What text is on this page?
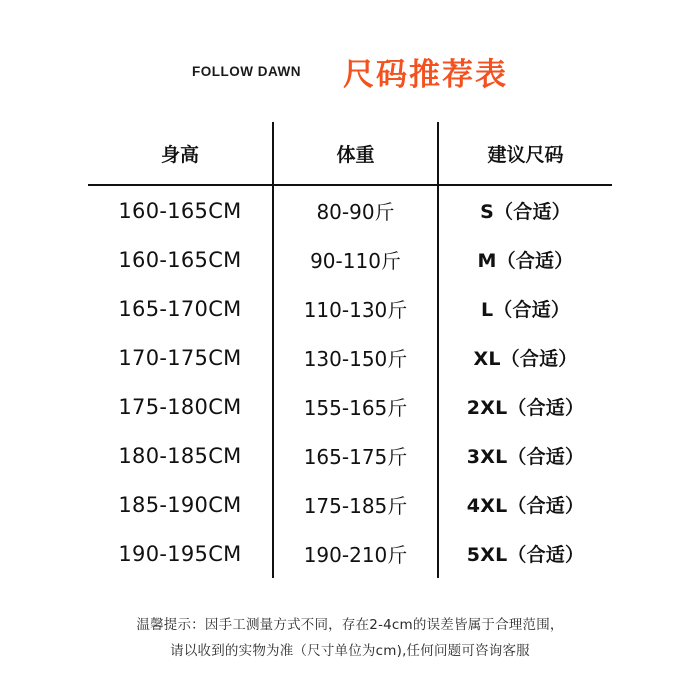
FOLLOW DAWN 尺码推荐表
身高	体重	建议尺码
160-165CM	80-90斤	S（合适）
160-165CM	90-110斤	M（合适）
165-170CM	110-130斤	L（合适）
170-175CM	130-150斤	XL（合适）
175-180CM	155-165斤	2XL（合适）
180-185CM	165-175斤	3XL（合适）
185-190CM	175-185斤	4XL（合适）
190-195CM	190-210斤	5XL（合适）
温馨提示：因手工测量方式不同，存在2-4cm的误差皆属于合理范围，
请以收到的实物为准（尺寸单位为cm),任何问题可咨询客服
